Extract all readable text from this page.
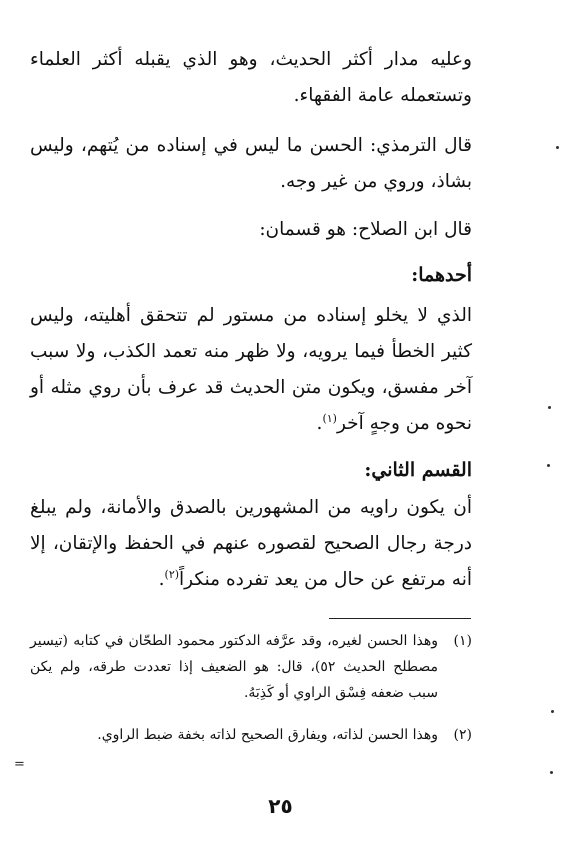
وعليه مدار أكثر الحديث، وهو الذي يقبله أكثر العلماء وتستعمله عامة الفقهاء.
قال الترمذي: الحسن ما ليس في إسناده من يُتهم، وليس بشاذ، وروي من غير وجه.
قال ابن الصلاح: هو قسمان:
أحدهما:
الذي لا يخلو إسناده من مستور لم تتحقق أهليته، وليس كثير الخطأ فيما يرويه، ولا ظهر منه تعمد الكذب، ولا سبب آخر مفسق، ويكون متن الحديث قد عرف بأن روي مثله أو نحوه من وجهٍ آخر$^{(١)}$.
القسم الثاني:
أن يكون راويه من المشهورين بالصدق والأمانة، ولم يبلغ درجة رجال الصحيح لقصوره عنهم في الحفظ والإتقان، إلا أنه مرتفع عن حال من يعد تفرده منكراً$^{(٢)}$.
(١)
وهذا الحسن لغيره، وقد عرَّفه الدكتور محمود الطحّان في كتابه (تيسير مصطلح الحديث ٥٢)، قال: هو الضعيف إذا تعددت طرقه، ولم يكن سبب ضعفه فِسْق الراوي أو كَذِبَهُ.
(٢)
وهذا الحسن لذاته، ويفارق الصحيح لذاته بخفة ضبط الراوي.
٢٥
=
